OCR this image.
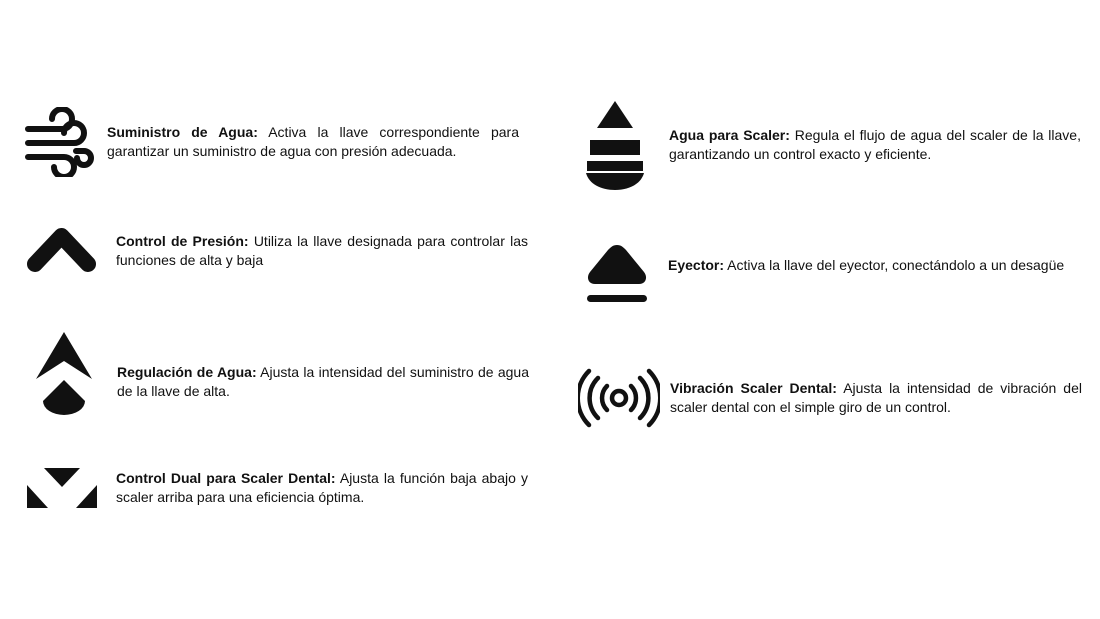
Suministro de Agua: Activa la llave correspondiente para garantizar un suministro de agua con presión adecuada.
Control de Presión: Utiliza la llave designada para controlar las funciones de alta y baja
Regulación de Agua: Ajusta la intensidad del suministro de agua de la llave de alta.
Control Dual para Scaler Dental: Ajusta la función baja abajo y scaler arriba para una eficiencia óptima.
Agua para Scaler: Regula el flujo de agua del scaler de la llave, garantizando un control exacto y eficiente.
Eyector: Activa la llave del eyector, conectándolo a un desagüe
Vibración Scaler Dental: Ajusta la intensidad de vibración del scaler dental con el simple giro de un control.
